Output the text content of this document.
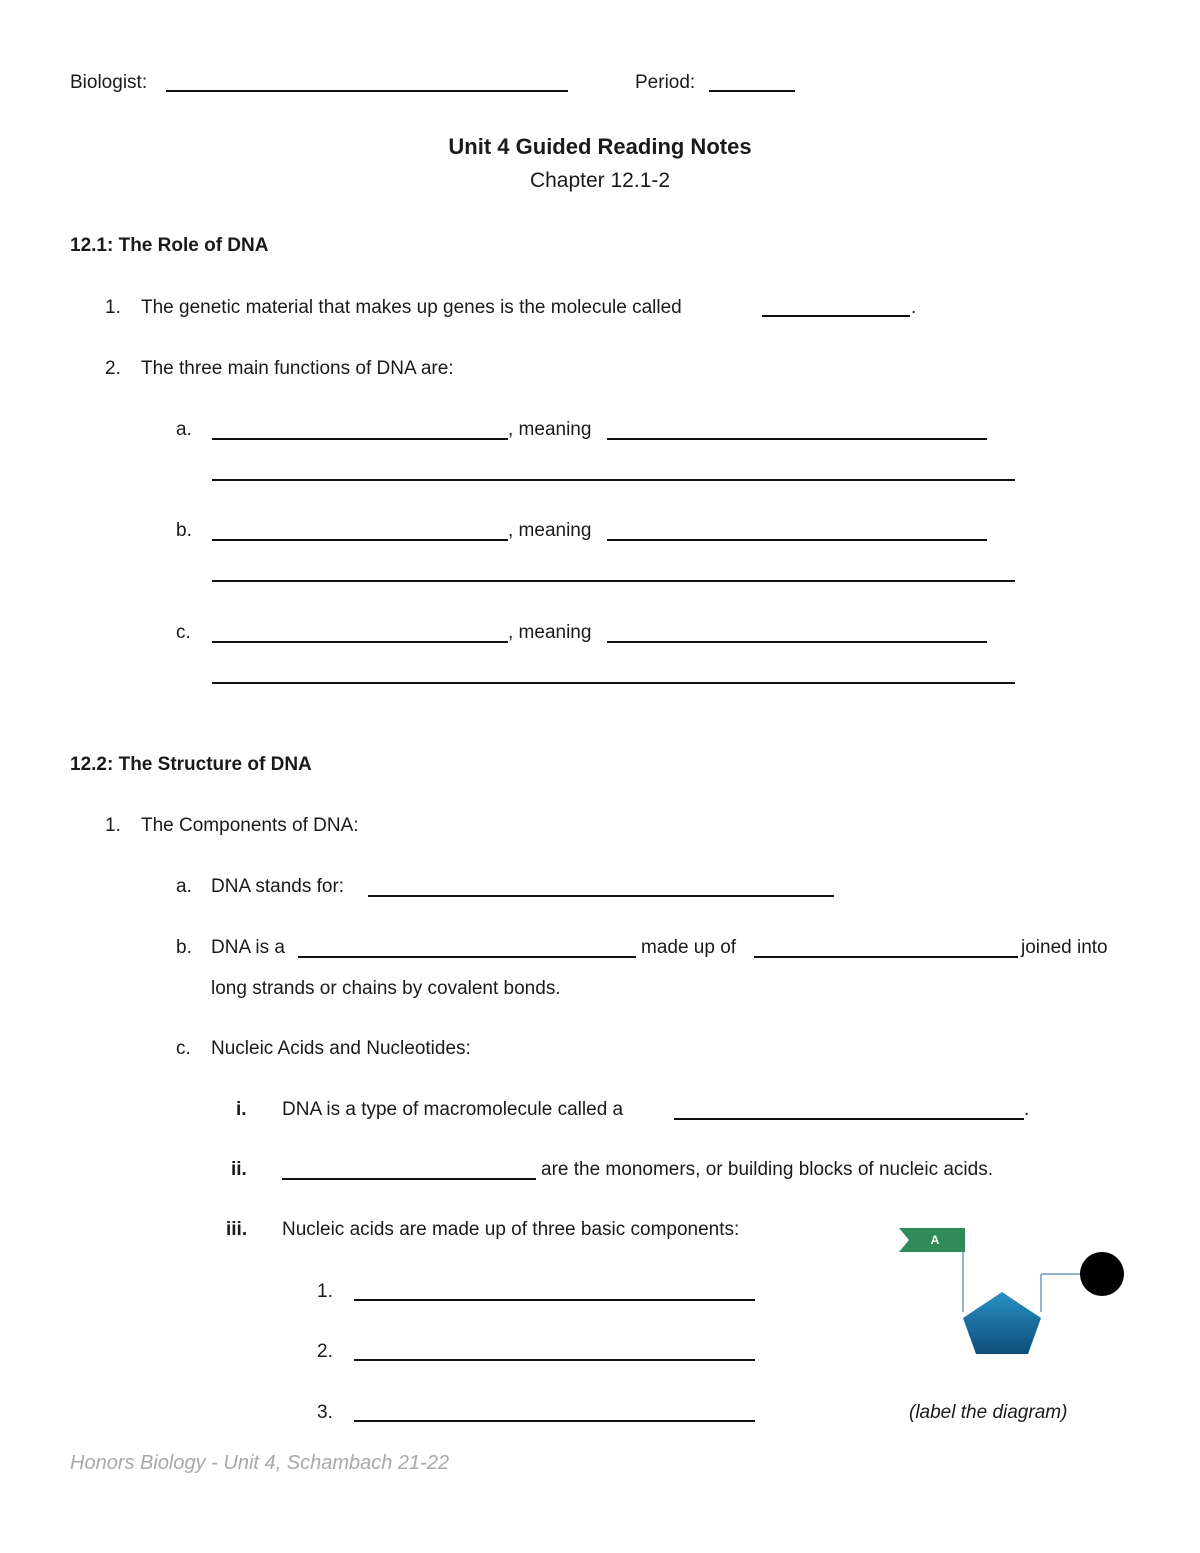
Biologist:	Period:
Unit 4 Guided Reading Notes
Chapter 12.1-2
12.1: The Role of DNA
1. The genetic material that makes up genes is the molecule called	.
2. The three main functions of DNA are:
a.	, meaning
b.	, meaning
c.	, meaning
12.2: The Structure of DNA
1. The Components of DNA:
a. DNA stands for:
b. DNA is a	made up of	joined into
long strands or chains by covalent bonds.
c. Nucleic Acids and Nucleotides:
i. DNA is a type of macromolecule called a	.
ii.	are the monomers, or building blocks of nucleic acids.
iii. Nucleic acids are made up of three basic components:
1.
2.
3.
A
(label the diagram)
Honors Biology - Unit 4, Schambach 21-22
